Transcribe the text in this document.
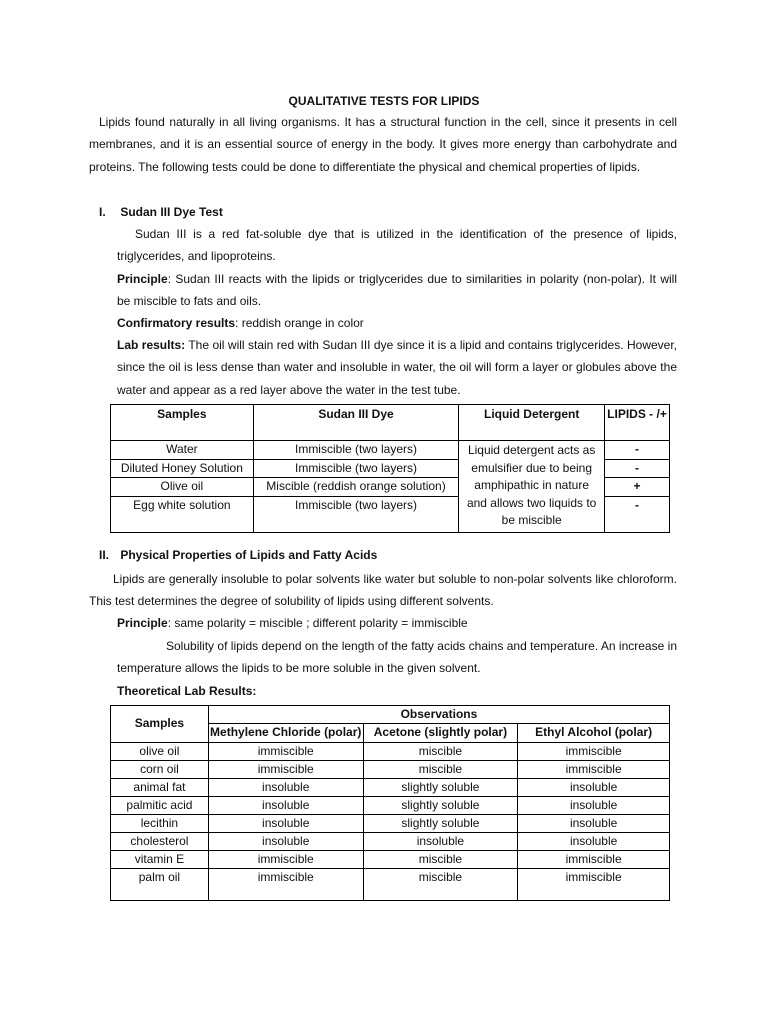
QUALITATIVE TESTS FOR LIPIDS

Lipids found naturally in all living organisms. It has a structural function in the cell, since it presents in cell membranes, and it is an essential source of energy in the body. It gives more energy than carbohydrate and proteins. The following tests could be done to differentiate the physical and chemical properties of lipids.

I. Sudan III Dye Test

Sudan III is a red fat-soluble dye that is utilized in the identification of the presence of lipids, triglycerides, and lipoproteins.

Principle: Sudan III reacts with the lipids or triglycerides due to similarities in polarity (non-polar). It will be miscible to fats and oils.

Confirmatory results: reddish orange in color

Lab results: The oil will stain red with Sudan III dye since it is a lipid and contains triglycerides. However, since the oil is less dense than water and insoluble in water, the oil will form a layer or globules above the water and appear as a red layer above the water in the test tube.

Samples	Sudan III Dye	Liquid Detergent	LIPIDS - /+
Water	Immiscible (two layers)	Liquid detergent acts as emulsifier due to being amphipathic in nature and allows two liquids to be miscible	-
Diluted Honey Solution	Immiscible (two layers)		-
Olive oil	Miscible (reddish orange solution)		+
Egg white solution	Immiscible (two layers)		-
II. Physical Properties of Lipids and Fatty Acids

Lipids are generally insoluble to polar solvents like water but soluble to non-polar solvents like chloroform. This test determines the degree of solubility of lipids using different solvents.

Principle: same polarity = miscible ; different polarity = immiscible

Solubility of lipids depend on the length of the fatty acids chains and temperature. An increase in temperature allows the lipids to be more soluble in the given solvent.

Theoretical Lab Results:

Samples	Observations		
	Methylene Chloride (polar)	Acetone (slightly polar)	Ethyl Alcohol (polar)
olive oil	immiscible	miscible	immiscible
corn oil	immiscible	miscible	immiscible
animal fat	insoluble	slightly soluble	insoluble
palmitic acid	insoluble	slightly soluble	insoluble
lecithin	insoluble	slightly soluble	insoluble
cholesterol	insoluble	insoluble	insoluble
vitamin E	immiscible	miscible	immiscible
palm oil	immiscible	miscible	immiscible
